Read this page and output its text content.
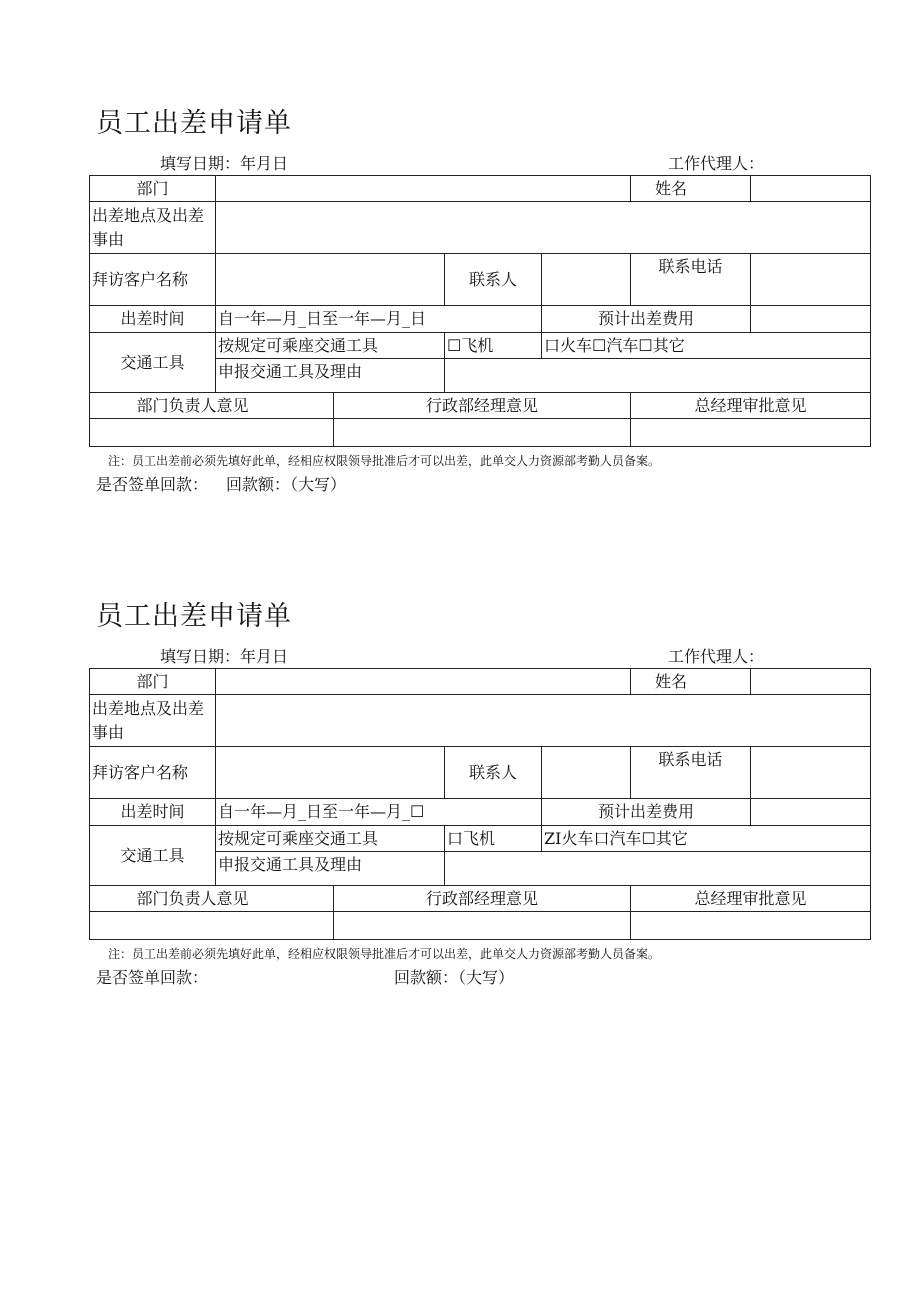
员工出差申请单
填写日期：年月日	工作代理人：
部门					姓名	
出差地点及出差事由						
拜访客户名称			联系人		联系电话	
出差时间	自一年—月_日至一年—月_日			预计出差费用		
交通工具	按规定可乘座交通工具		☐飞机	口火车☐汽车☐其它		
	申报交通工具及理由					
部门负责人意见		行政部经理意见			总经理审批意见	

注：员工出差前必须先填好此单，经相应权限领导批准后才可以出差，此单交人力资源部考勤人员备案。
是否签单回款： 回款额：（大写）
员工出差申请单
填写日期：年月日	工作代理人：
部门					姓名	
出差地点及出差事由						
拜访客户名称			联系人		联系电话	
出差时间	自一年—月_日至一年—月_☐			预计出差费用		
交通工具	按规定可乘座交通工具		口飞机	ZI火车口汽车☐其它		
	申报交通工具及理由					
部门负责人意见		行政部经理意见			总经理审批意见	

注：员工出差前必须先填好此单，经相应权限领导批准后才可以出差，此单交人力资源部考勤人员备案。
是否签单回款：	回款额：（大写）
